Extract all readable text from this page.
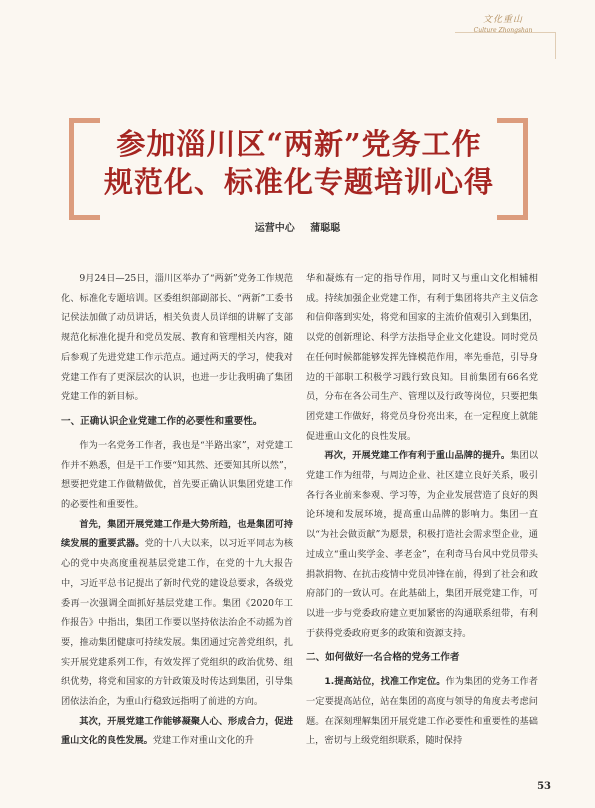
文化重山
Culture Zhongshan
参加淄川区“两新”党务工作
规范化、标准化专题培训心得
运营中心 蒲聪聪

9月24日—25日，淄川区举办了“两新”党务工作规范化、标准化专题培训。区委组织部副部长、“两新”工委书记侯法加做了动员讲话，相关负责人员详细的讲解了支部规范化标准化提升和党员发展、教育和管理相关内容，随后参观了先进党建工作示范点。通过两天的学习，使我对党建工作有了更深层次的认识，也进一步让我明确了集团党建工作的新目标。

一、正确认识企业党建工作的必要性和重要性。

作为一名党务工作者，我也是“半路出家”，对党建工作并不熟悉，但是干工作要“知其然、还要知其所以然”，想要把党建工作做精做优，首先要正确认识集团党建工作的必要性和重要性。

首先，集团开展党建工作是大势所趋，也是集团可持续发展的重要武器。党的十八大以来，以习近平同志为核心的党中央高度重视基层党建工作，在党的十九大报告中，习近平总书记提出了新时代党的建设总要求，各级党委再一次强调全面抓好基层党建工作。集团《2020年工作报告》中指出，集团工作要以坚持依法治企不动摇为首要，推动集团健康可持续发展。集团通过完善党组织，扎实开展党建系列工作，有效发挥了党组织的政治优势、组织优势，将党和国家的方针政策及时传达到集团，引导集团依法治企，为重山行稳致远指明了前进的方向。

其次，开展党建工作能够凝聚人心、形成合力，促进重山文化的良性发展。党建工作对重山文化的升

华和凝炼有一定的指导作用，同时又与重山文化相辅相成。持续加强企业党建工作，有利于集团将共产主义信念和信仰落到实处，将党和国家的主流价值观引入到集团，以党的创新理论、科学方法指导企业文化建设。同时党员在任何时候都能够发挥先锋模范作用，率先垂范，引导身边的干部职工积极学习践行致良知。目前集团有66名党员，分布在各公司生产、管理以及行政等岗位，只要把集团党建工作做好，将党员身份亮出来，在一定程度上就能促进重山文化的良性发展。

再次，开展党建工作有利于重山品牌的提升。集团以党建工作为纽带，与周边企业、社区建立良好关系，吸引各行各业前来参观、学习等，为企业发展营造了良好的舆论环境和发展环境，提高重山品牌的影响力。集团一直以“为社会做贡献”为愿景，积极打造社会需求型企业，通过成立“重山奖学金、孝老金”，在利奇马台风中党员带头捐款捐物、在抗击疫情中党员冲锋在前，得到了社会和政府部门的一致认可。在此基础上，集团开展党建工作，可以进一步与党委政府建立更加紧密的沟通联系纽带，有利于获得党委政府更多的政策和资源支持。

二、如何做好一名合格的党务工作者

1.提高站位，找准工作定位。作为集团的党务工作者一定要提高站位，站在集团的高度与领导的角度去考虑问题。在深刻理解集团开展党建工作必要性和重要性的基础上，密切与上级党组织联系，随时保持

53
